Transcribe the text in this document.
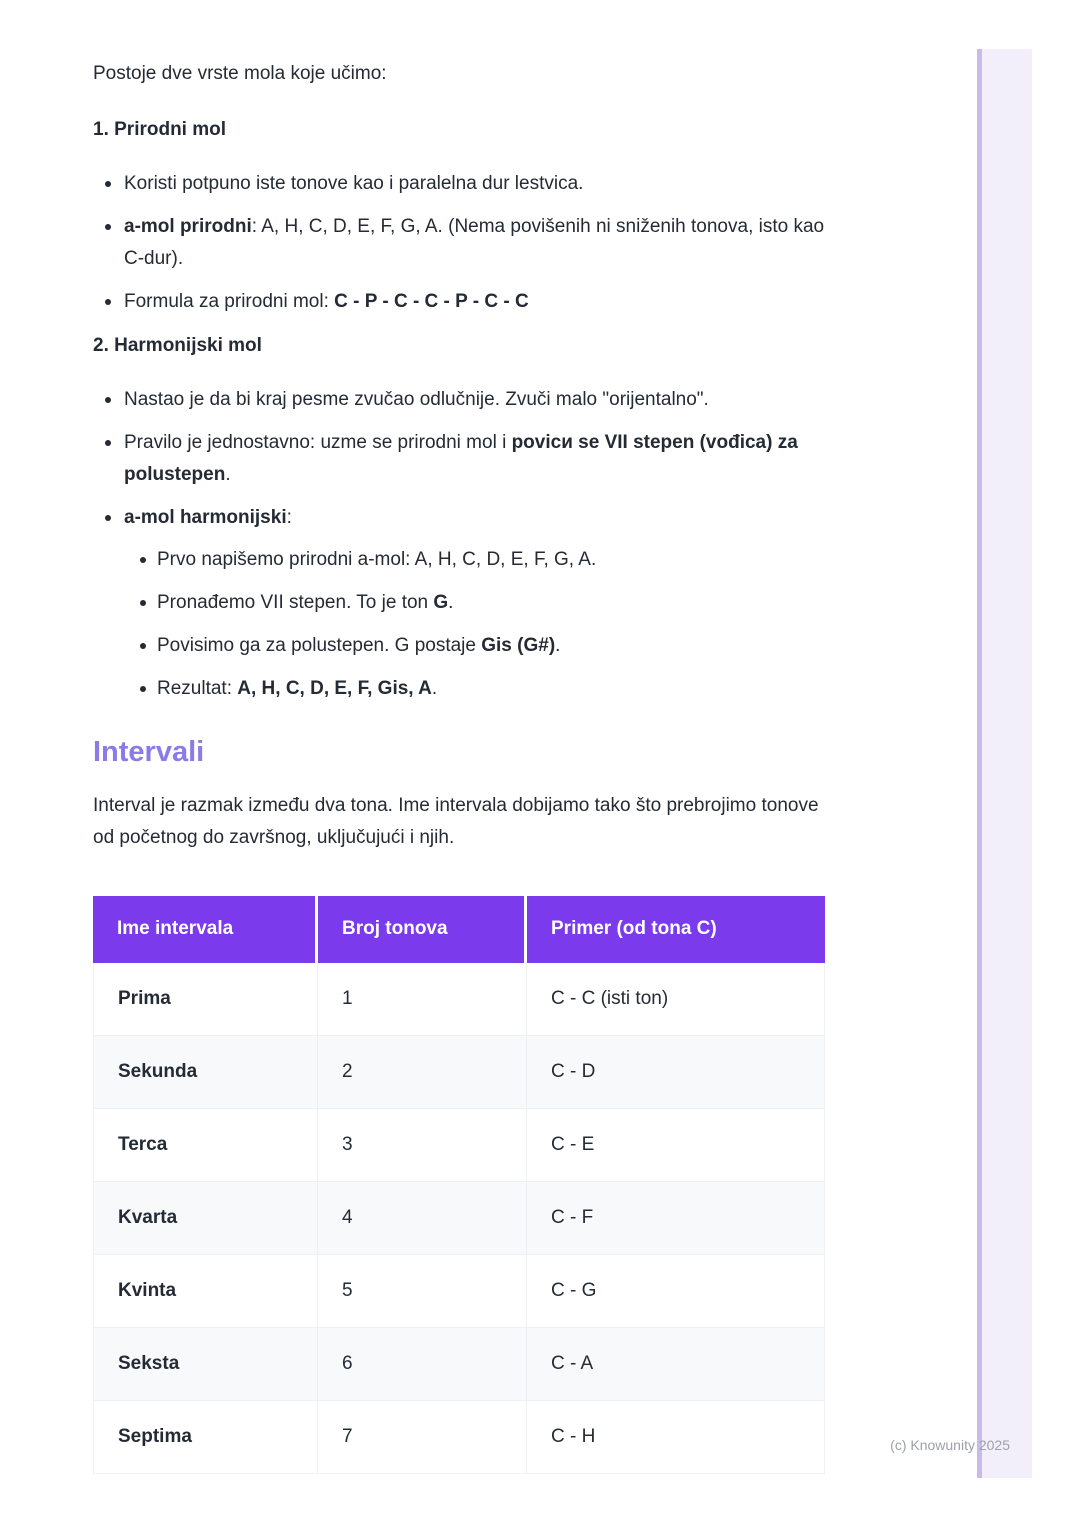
(c) Knowunity 2025

Postoje dve vrste mola koje učimo:

1. Prirodni mol
Koristi potpuno iste tonove kao i paralelna dur lestvica.
a-mol prirodni: A, H, C, D, E, F, G, A. (Nema povišenih ni sniženih tonova, isto kao C-dur).
Formula za prirodni mol: C - P - C - C - P - C - C
2. Harmonijski mol
Nastao je da bi kraj pesme zvučao odlučnije. Zvuči malo "orijentalno".
Pravilo je jednostavno: uzme se prirodni mol i povicи se VII stepen (vođica) za polustepen.
a-mol harmonijski:
Prvo napišemo prirodni a-mol: A, H, C, D, E, F, G, A.
Pronađemo VII stepen. To je ton G.
Povisimo ga za polustepen. G postaje Gis (G#).
Rezultat: A, H, C, D, E, F, Gis, A.
Intervali

Interval je razmak između dva tona. Ime intervala dobijamo tako što prebrojimo tonove od početnog do završnog, uključujući i njih.

Ime intervala	Broj tonova	Primer (od tona C)
Prima	1	C - C (isti ton)
Sekunda	2	C - D
Terca	3	C - E
Kvarta	4	C - F
Kvinta	5	C - G
Seksta	6	C - A
Septima	7	C - H
